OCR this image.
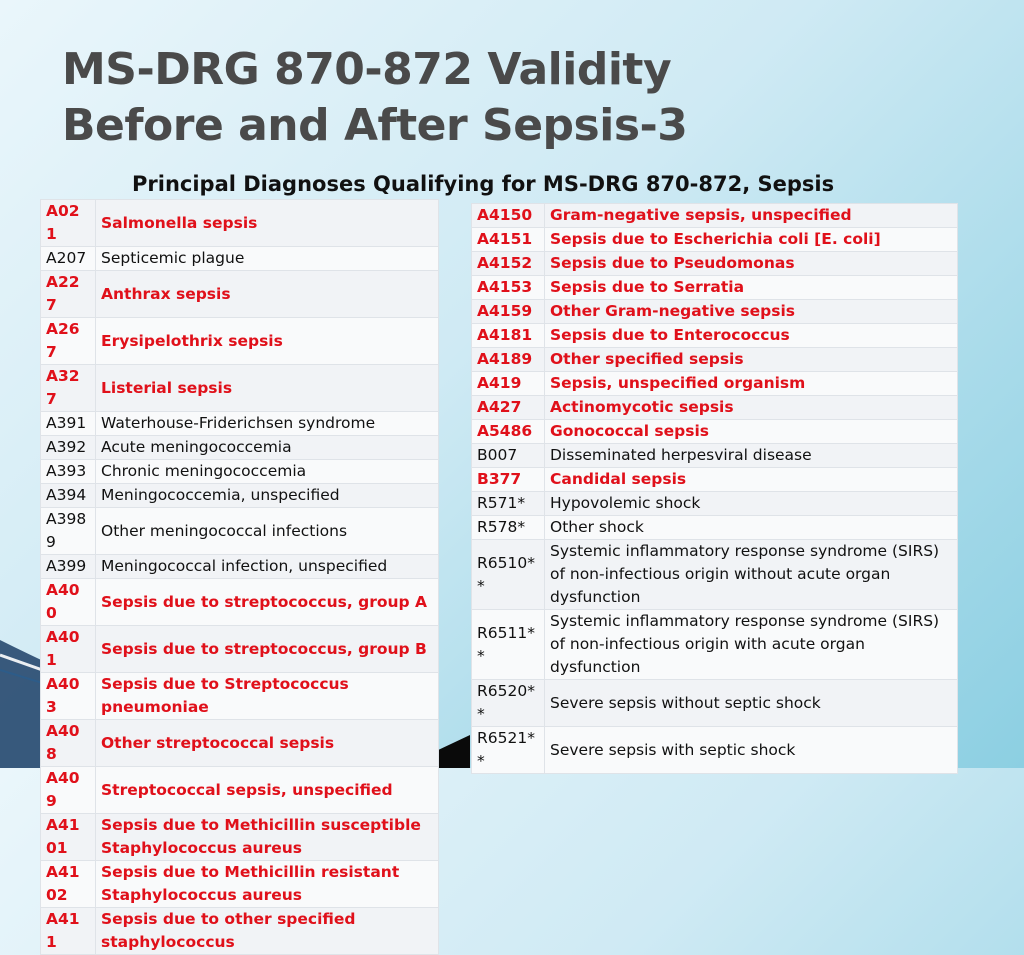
MS-DRG 870-872 Validity
Before and After Sepsis-3
Principal Diagnoses Qualifying for MS-DRG 870-872, Sepsis
A021	Salmonella sepsis
A207	Septicemic plague
A227	Anthrax sepsis
A267	Erysipelothrix sepsis
A327	Listerial sepsis
A391	Waterhouse-Friderichsen syndrome
A392	Acute meningococcemia
A393	Chronic meningococcemia
A394	Meningococcemia, unspecified
A3989	Other meningococcal infections
A399	Meningococcal infection, unspecified
A400	Sepsis due to streptococcus, group A
A401	Sepsis due to streptococcus, group B
A403	Sepsis due to Streptococcus pneumoniae
A408	Other streptococcal sepsis
A409	Streptococcal sepsis, unspecified
A4101	Sepsis due to Methicillin susceptible Staphylococcus aureus
A4102	Sepsis due to Methicillin resistant Staphylococcus aureus
A411	Sepsis due to other specified staphylococcus
A4150	Gram-negative sepsis, unspecified
A4151	Sepsis due to Escherichia coli [E. coli]
A4152	Sepsis due to Pseudomonas
A4153	Sepsis due to Serratia
A4159	Other Gram-negative sepsis
A4181	Sepsis due to Enterococcus
A4189	Other specified sepsis
A419	Sepsis, unspecified organism
A427	Actinomycotic sepsis
A5486	Gonococcal sepsis
B007	Disseminated herpesviral disease
B377	Candidal sepsis
R571*	Hypovolemic shock
R578*	Other shock
R6510**	Systemic inflammatory response syndrome (SIRS) of non-infectious origin without acute organ dysfunction
R6511**	Systemic inflammatory response syndrome (SIRS) of non-infectious origin with acute organ dysfunction
R6520**	Severe sepsis without septic shock
R6521**	Severe sepsis with septic shock
